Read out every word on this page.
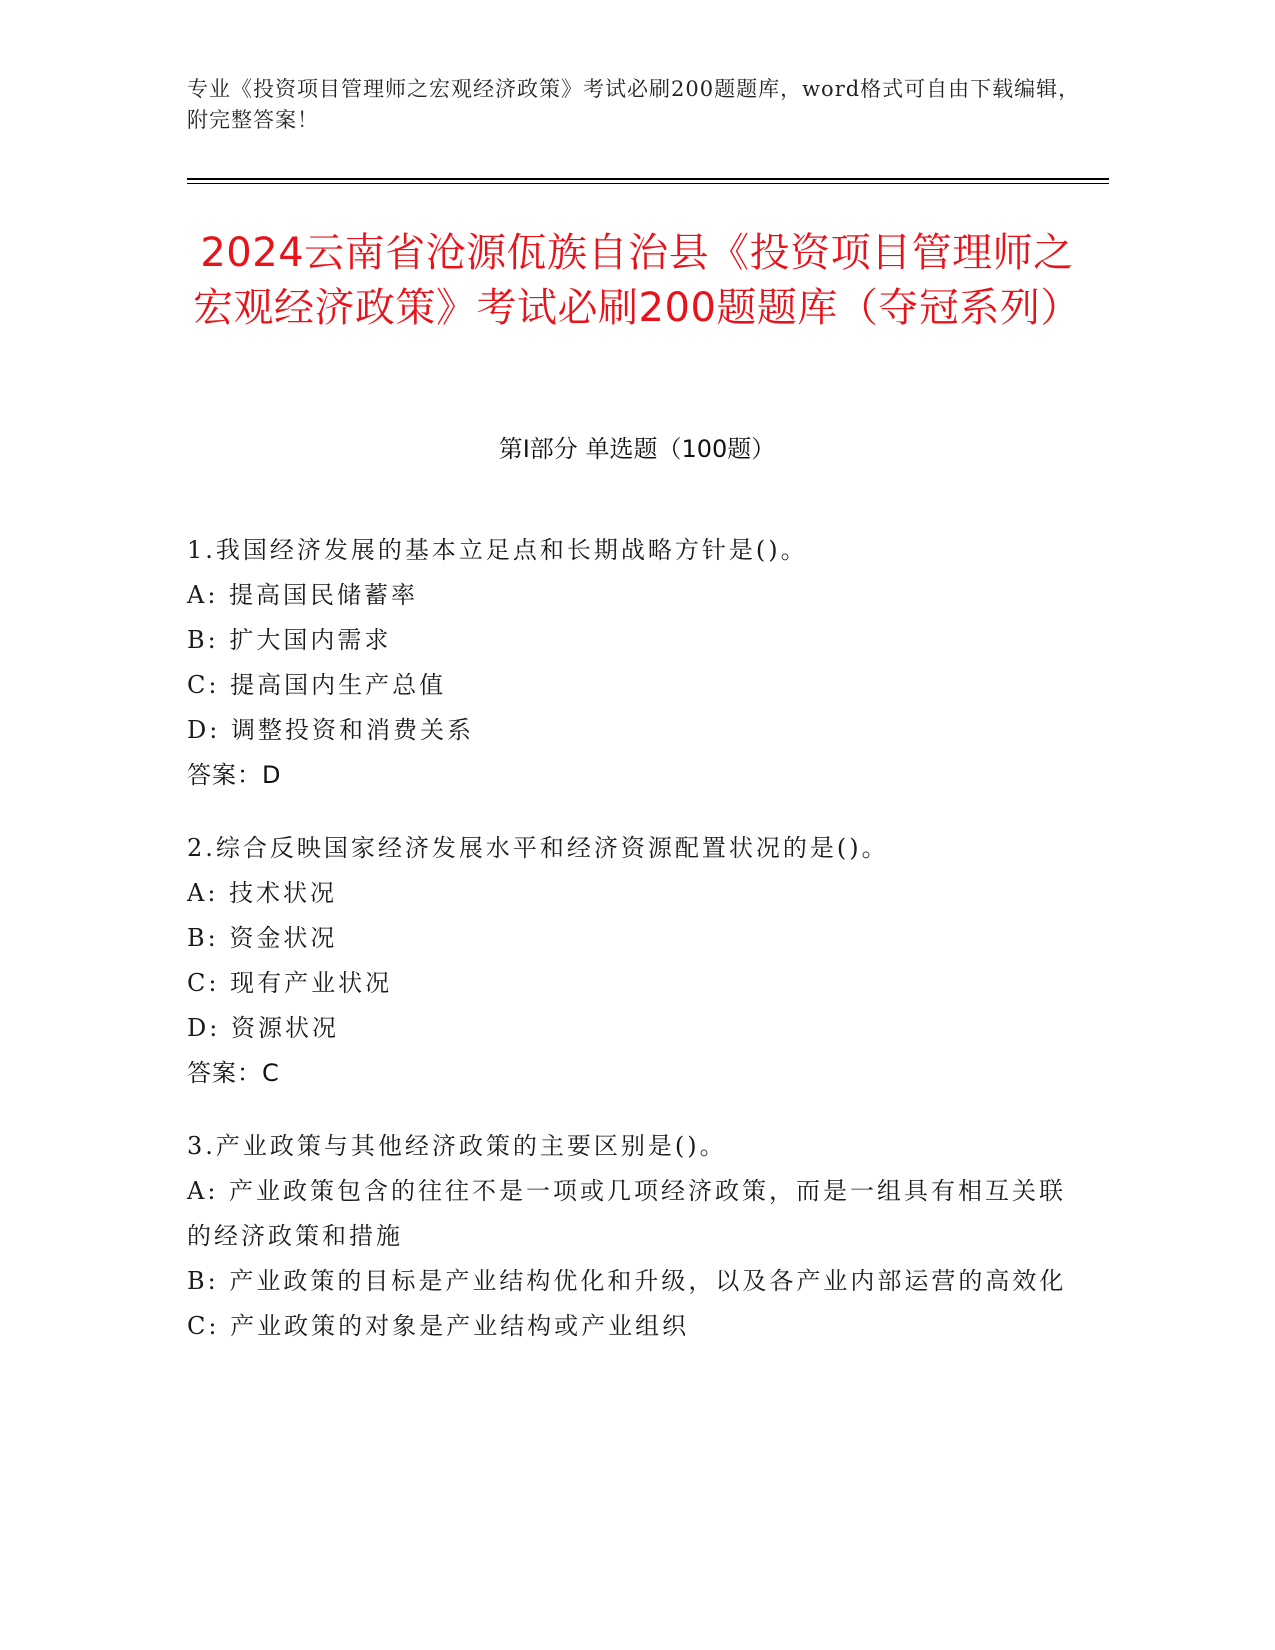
专业《投资项目管理师之宏观经济政策》考试必刷200题题库，word格式可自由下载编辑，附完整答案！
2024云南省沧源佤族自治县《投资项目管理师之宏观经济政策》考试必刷200题题库（夺冠系列）
第I部分 单选题（100题）
1.我国经济发展的基本立足点和长期战略方针是()。
A: 提高国民储蓄率
B: 扩大国内需求
C: 提高国内生产总值
D: 调整投资和消费关系
答案：D
2.综合反映国家经济发展水平和经济资源配置状况的是()。
A: 技术状况
B: 资金状况
C: 现有产业状况
D: 资源状况
答案：C
3.产业政策与其他经济政策的主要区别是()。
A: 产业政策包含的往往不是一项或几项经济政策，而是一组具有相互关联的经济政策和措施
B: 产业政策的目标是产业结构优化和升级，以及各产业内部运营的高效化
C: 产业政策的对象是产业结构或产业组织
